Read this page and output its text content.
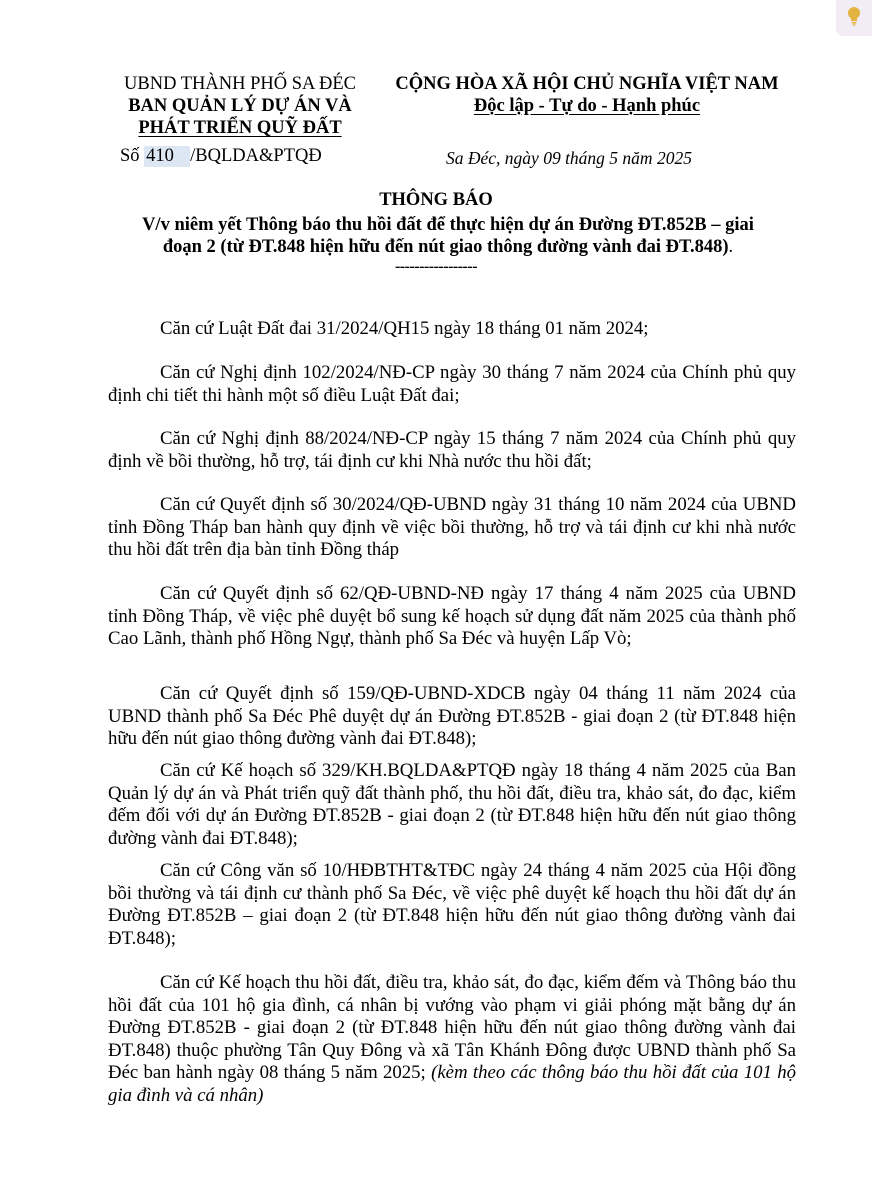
UBND THÀNH PHỐ SA ĐÉC
BAN QUẢN LÝ DỰ ÁN VÀ
PHÁT TRIỂN QUỸ ĐẤT
CỘNG HÒA XÃ HỘI CHỦ NGHĨA VIỆT NAM
Độc lập - Tự do - Hạnh phúc
Số 410 /BQLDA&PTQĐ	Sa Đéc, ngày 09 tháng 5 năm 2025
THÔNG BÁO
V/v niêm yết Thông báo thu hồi đất để thực hiện dự án Đường ĐT.852B – giai
đoạn 2 (từ ĐT.848 hiện hữu đến nút giao thông đường vành đai ĐT.848).
-----------------
Căn cứ Luật Đất đai 31/2024/QH15 ngày 18 tháng 01 năm 2024;
Căn cứ Nghị định 102/2024/NĐ-CP ngày 30 tháng 7 năm 2024 của Chính phủ quy định chi tiết thi hành một số điều Luật Đất đai;
Căn cứ Nghị định 88/2024/NĐ-CP ngày 15 tháng 7 năm 2024 của Chính phủ quy định về bồi thường, hỗ trợ, tái định cư khi Nhà nước thu hồi đất;
Căn cứ Quyết định số 30/2024/QĐ-UBND ngày 31 tháng 10 năm 2024 của UBND tỉnh Đồng Tháp ban hành quy định về việc bồi thường, hỗ trợ và tái định cư khi nhà nước thu hồi đất trên địa bàn tỉnh Đồng tháp
Căn cứ Quyết định số 62/QĐ-UBND-NĐ ngày 17 tháng 4 năm 2025 của UBND tỉnh Đồng Tháp, về việc phê duyệt bổ sung kế hoạch sử dụng đất năm 2025 của thành phố Cao Lãnh, thành phố Hồng Ngự, thành phố Sa Đéc và huyện Lấp Vò;
Căn cứ Quyết định số 159/QĐ-UBND-XDCB ngày 04 tháng 11 năm 2024 của UBND thành phố Sa Đéc Phê duyệt dự án Đường ĐT.852B - giai đoạn 2 (từ ĐT.848 hiện hữu đến nút giao thông đường vành đai ĐT.848);
Căn cứ Kế hoạch số 329/KH.BQLDA&PTQĐ ngày 18 tháng 4 năm 2025 của Ban Quản lý dự án và Phát triển quỹ đất thành phố, thu hồi đất, điều tra, khảo sát, đo đạc, kiểm đếm đối với dự án Đường ĐT.852B - giai đoạn 2 (từ ĐT.848 hiện hữu đến nút giao thông đường vành đai ĐT.848);
Căn cứ Công văn số 10/HĐBTHT&TĐC ngày 24 tháng 4 năm 2025 của Hội đồng bồi thường và tái định cư thành phố Sa Đéc, về việc phê duyệt kế hoạch thu hồi đất dự án Đường ĐT.852B – giai đoạn 2 (từ ĐT.848 hiện hữu đến nút giao thông đường vành đai ĐT.848);
Căn cứ Kế hoạch thu hồi đất, điều tra, khảo sát, đo đạc, kiểm đếm và Thông báo thu hồi đất của 101 hộ gia đình, cá nhân bị vướng vào phạm vi giải phóng mặt bằng dự án Đường ĐT.852B - giai đoạn 2 (từ ĐT.848 hiện hữu đến nút giao thông đường vành đai ĐT.848) thuộc phường Tân Quy Đông và xã Tân Khánh Đông được UBND thành phố Sa Đéc ban hành ngày 08 tháng 5 năm 2025; (kèm theo các thông báo thu hồi đất của 101 hộ gia đình và cá nhân)
